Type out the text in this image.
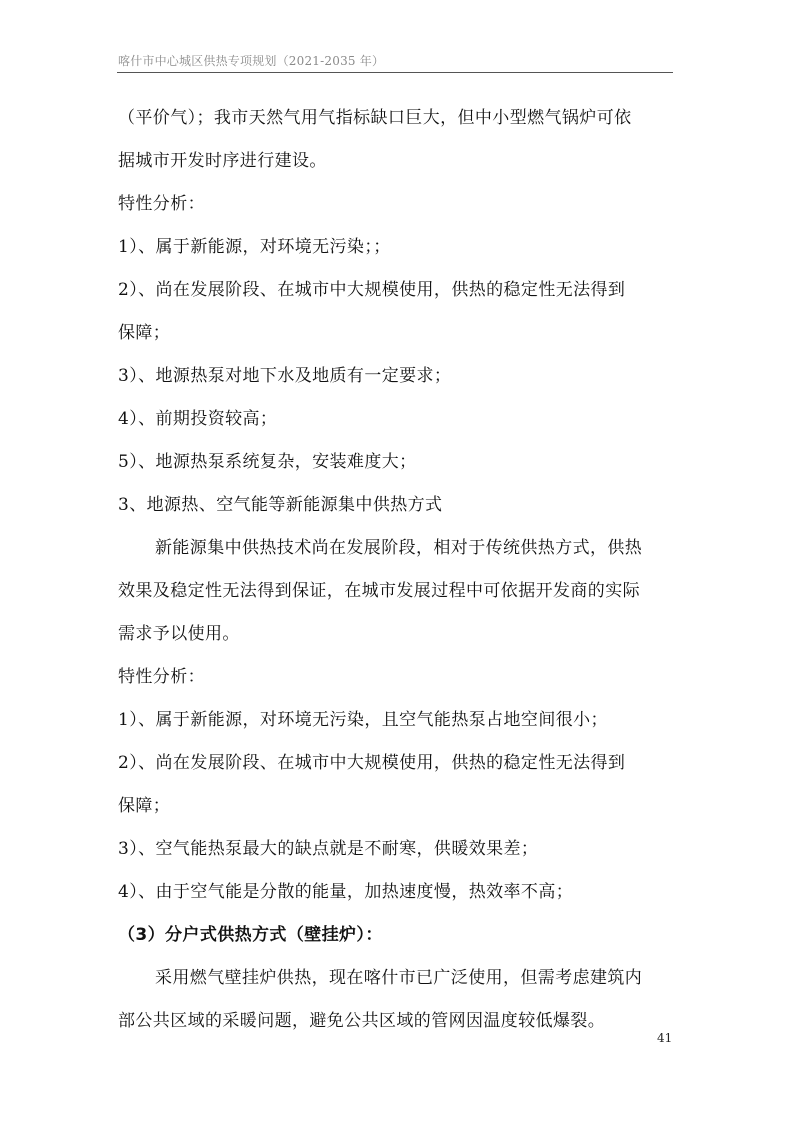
喀什市中心城区供热专项规划（2021-2035 年）
（平价气）；我市天然气用气指标缺口巨大，但中小型燃气锅炉可依
据城市开发时序进行建设。
特性分析：
1）、属于新能源，对环境无污染；；
2）、尚在发展阶段、在城市中大规模使用，供热的稳定性无法得到
保障；
3）、地源热泵对地下水及地质有一定要求；
4）、前期投资较高；
5）、地源热泵系统复杂，安装难度大；
3、地源热、空气能等新能源集中供热方式
新能源集中供热技术尚在发展阶段，相对于传统供热方式，供热
效果及稳定性无法得到保证，在城市发展过程中可依据开发商的实际
需求予以使用。
特性分析：
1）、属于新能源，对环境无污染，且空气能热泵占地空间很小；
2）、尚在发展阶段、在城市中大规模使用，供热的稳定性无法得到
保障；
3）、空气能热泵最大的缺点就是不耐寒，供暖效果差；
4）、由于空气能是分散的能量，加热速度慢，热效率不高；
（3）分户式供热方式（壁挂炉）：
采用燃气壁挂炉供热，现在喀什市已广泛使用，但需考虑建筑内
部公共区域的采暖问题，避免公共区域的管网因温度较低爆裂。
41
